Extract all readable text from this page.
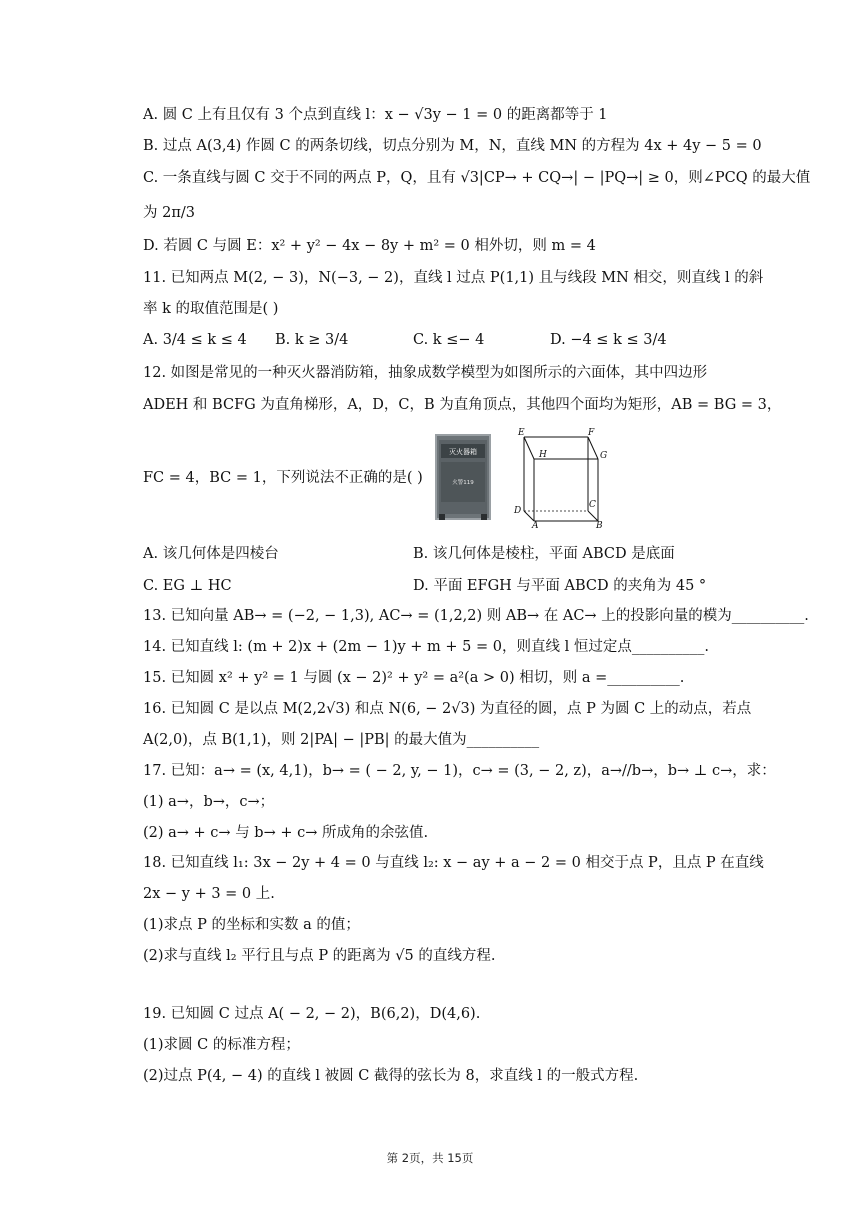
A. 圆 C 上有且仅有 3 个点到直线 l：x − √3y − 1 = 0 的距离都等于 1
B. 过点 A(3,4) 作圆 C 的两条切线，切点分别为 M，N，直线 MN 的方程为 4x + 4y − 5 = 0
C. 一条直线与圆 C 交于不同的两点 P，Q，且有 √3|CP→ + CQ→| − |PQ→| ≥ 0，则∠PCQ 的最大值
为 2π/3
D. 若圆 C 与圆 E：x² + y² − 4x − 8y + m² = 0 相外切，则 m = 4
11. 已知两点 M(2, − 3)，N(−3, − 2)，直线 l 过点 P(1,1) 且与线段 MN 相交，则直线 l 的斜
率 k 的取值范围是( )
A. 3/4 ≤ k ≤ 4 B. k ≥ 3/4	C. k ≤− 4	D. −4 ≤ k ≤ 3/4
12. 如图是常见的一种灭火器消防箱，抽象成数学模型为如图所示的六面体，其中四边形
ADEH 和 BCFG 为直角梯形，A，D，C，B 为直角顶点，其他四个面均为矩形，AB = BG = 3，
FC = 4，BC = 1，下列说法不正确的是( )
灭火器箱
火警119
E	F
H	G
D
C
A	B
A. 该几何体是四棱台	B. 该几何体是棱柱，平面 ABCD 是底面
C. EG ⊥ HC	D. 平面 EFGH 与平面 ABCD 的夹角为 45 °
13. 已知向量 AB→ = (−2, − 1,3), AC→ = (1,2,2) 则 AB→ 在 AC→ 上的投影向量的模为__________.
14. 已知直线 l: (m + 2)x + (2m − 1)y + m + 5 = 0，则直线 l 恒过定点__________.
15. 已知圆 x² + y² = 1 与圆 (x − 2)² + y² = a²(a > 0) 相切，则 a =__________.
16. 已知圆 C 是以点 M(2,2√3) 和点 N(6, − 2√3) 为直径的圆，点 P 为圆 C 上的动点，若点
A(2,0)，点 B(1,1)，则 2|PA| − |PB| 的最大值为__________
17. 已知：a→ = (x, 4,1)，b→ = ( − 2, y, − 1)，c→ = (3, − 2, z)，a→//b→，b→ ⊥ c→，求：
(1) a→，b→，c→；
(2) a→ + c→ 与 b→ + c→ 所成角的余弦值.
18. 已知直线 l₁: 3x − 2y + 4 = 0 与直线 l₂: x − ay + a − 2 = 0 相交于点 P，且点 P 在直线
2x − y + 3 = 0 上.
(1)求点 P 的坐标和实数 a 的值；
(2)求与直线 l₂ 平行且与点 P 的距离为 √5 的直线方程.
19. 已知圆 C 过点 A( − 2, − 2)，B(6,2)，D(4,6).
(1)求圆 C 的标准方程；
(2)过点 P(4, − 4) 的直线 l 被圆 C 截得的弦长为 8，求直线 l 的一般式方程.
第 2页，共 15页
